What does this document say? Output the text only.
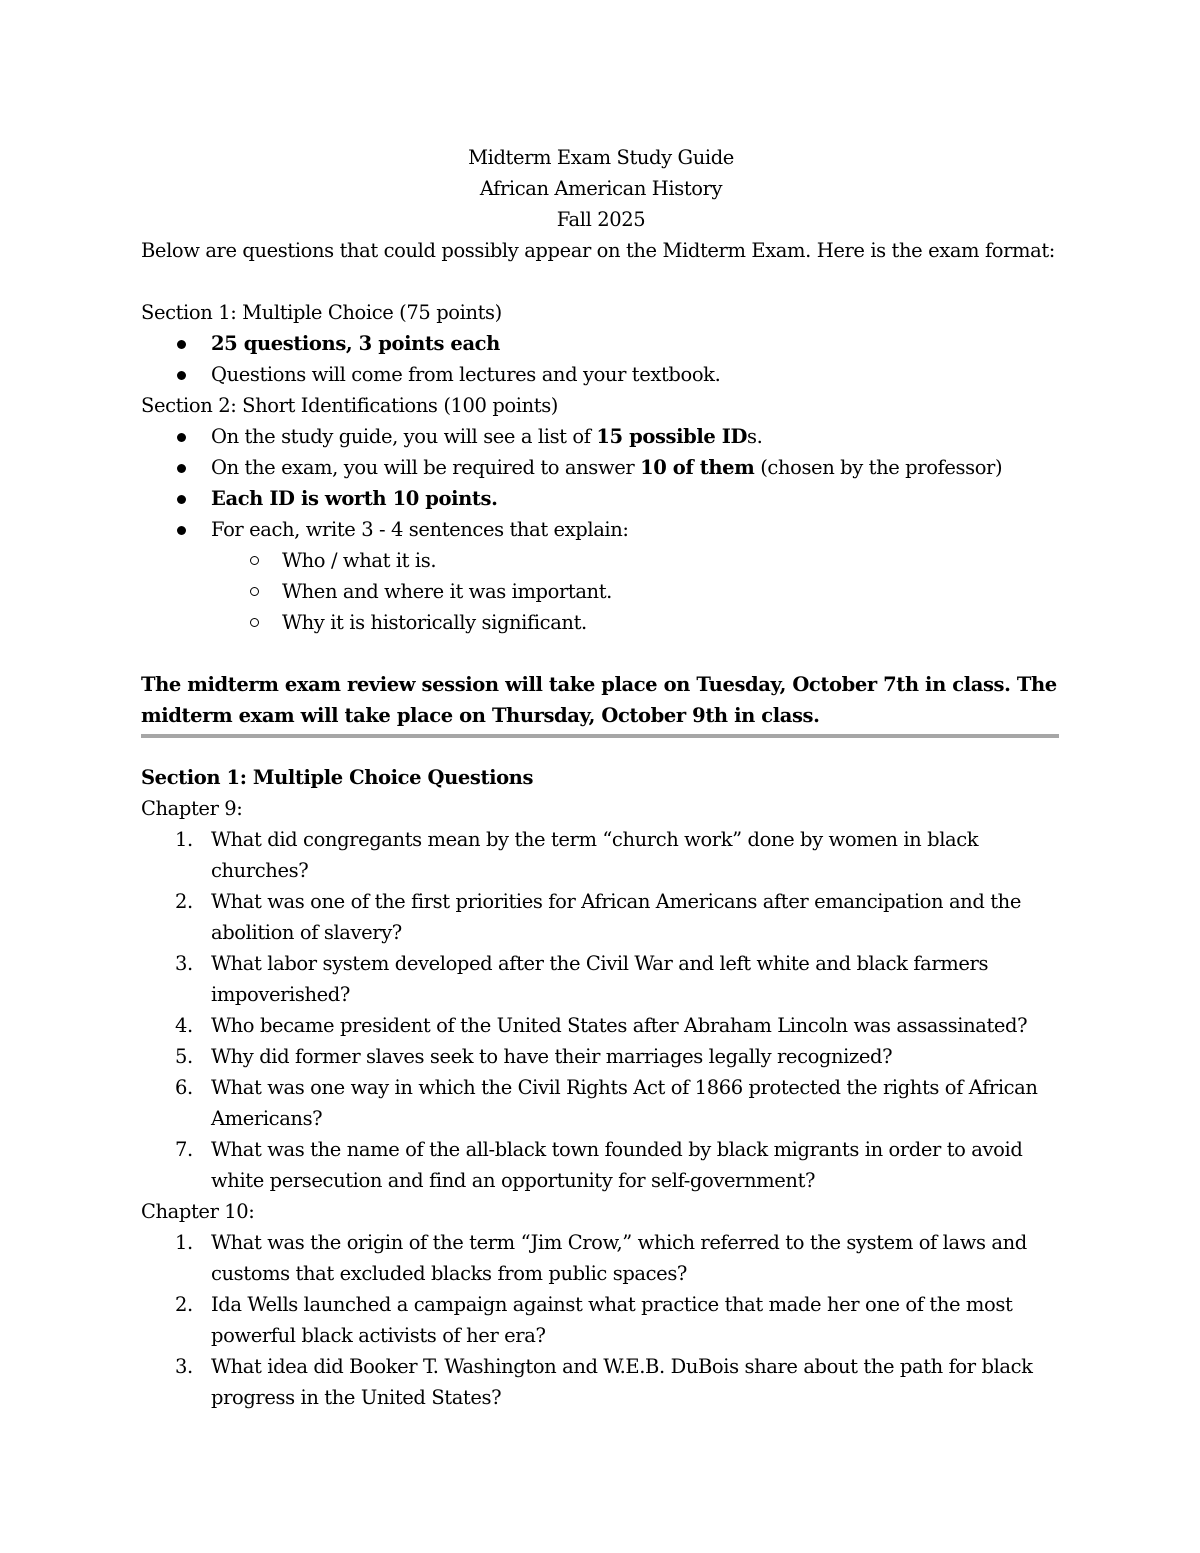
Midterm Exam Study Guide
African American History
Fall 2025
Below are questions that could possibly appear on the Midterm Exam. Here is the exam format:
Section 1: Multiple Choice (75 points)
25 questions, 3 points each
Questions will come from lectures and your textbook.
Section 2: Short Identifications (100 points)
On the study guide, you will see a list of 15 possible IDs.
On the exam, you will be required to answer 10 of them (chosen by the professor)
Each ID is worth 10 points.
For each, write 3 - 4 sentences that explain:
Who / what it is.
When and where it was important.
Why it is historically significant.
The midterm exam review session will take place on Tuesday, October 7th in class. The
midterm exam will take place on Thursday, October 9th in class.
Section 1: Multiple Choice Questions
Chapter 9:
1. What did congregants mean by the term “church work” done by women in black
churches?
2. What was one of the first priorities for African Americans after emancipation and the
abolition of slavery?
3. What labor system developed after the Civil War and left white and black farmers
impoverished?
4. Who became president of the United States after Abraham Lincoln was assassinated?
5. Why did former slaves seek to have their marriages legally recognized?
6. What was one way in which the Civil Rights Act of 1866 protected the rights of African
Americans?
7. What was the name of the all-black town founded by black migrants in order to avoid
white persecution and find an opportunity for self-government?
Chapter 10:
1. What was the origin of the term “Jim Crow,” which referred to the system of laws and
customs that excluded blacks from public spaces?
2. Ida Wells launched a campaign against what practice that made her one of the most
powerful black activists of her era?
3. What idea did Booker T. Washington and W.E.B. DuBois share about the path for black
progress in the United States?
